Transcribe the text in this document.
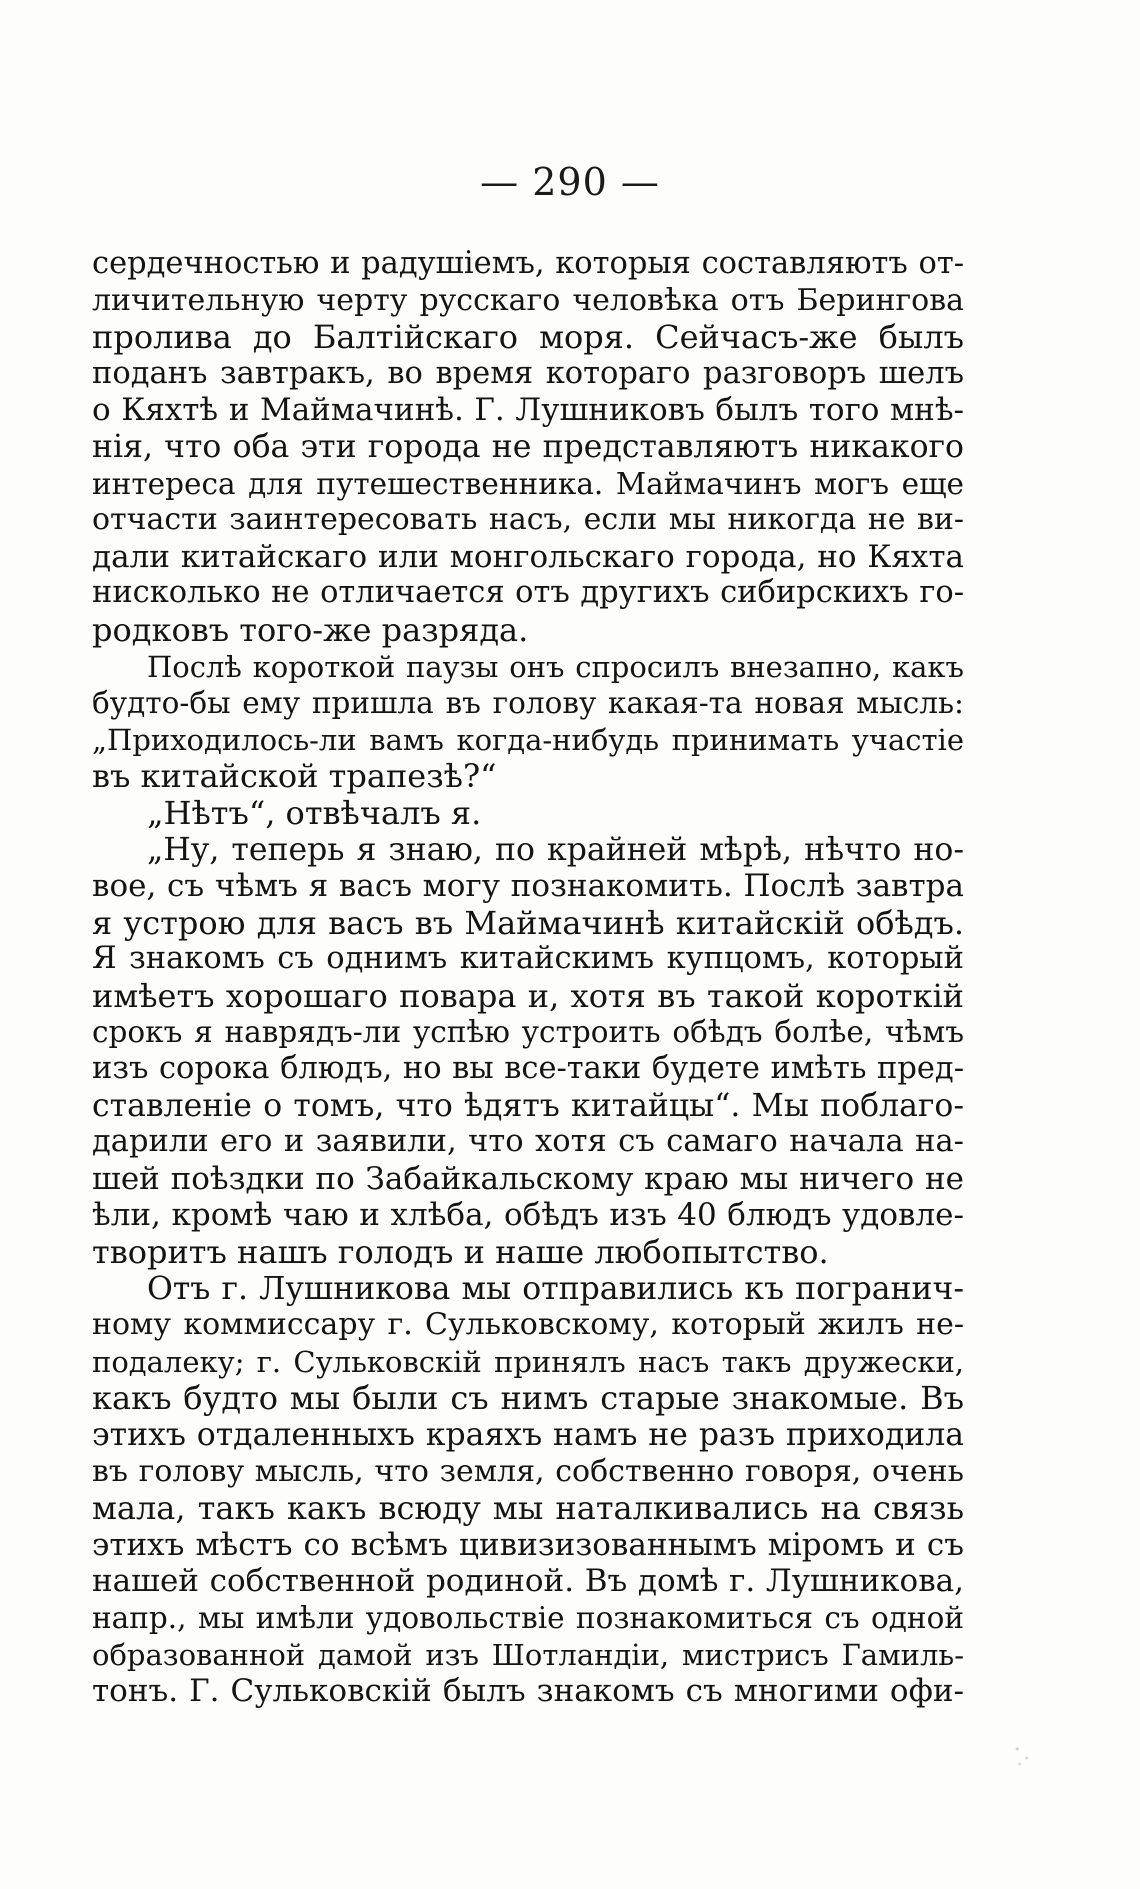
— 290 —
сердечностью и радушіемъ, которыя составляютъ от-
личительную черту русскаго человѣка отъ Берингова
пролива до Балтійскаго моря. Сейчасъ-же былъ
поданъ завтракъ, во время котораго разговоръ шелъ
о Кяхтѣ и Маймачинѣ. Г. Лушниковъ былъ того мнѣ-
нія, что оба эти города не представляютъ никакого
интереса для путешественника. Маймачинъ могъ еще
отчасти заинтересовать насъ, если мы никогда не ви-
дали китайскаго или монгольскаго города, но Кяхта
нисколько не отличается отъ другихъ сибирскихъ го-
родковъ того-же разряда.
Послѣ короткой паузы онъ спросилъ внезапно, какъ
будто-бы ему пришла въ голову какая-та новая мысль:
„Приходилось-ли вамъ когда-нибудь принимать участіе
въ китайской трапезѣ?“
„Нѣтъ“, отвѣчалъ я.
„Ну, теперь я знаю, по крайней мѣрѣ, нѣчто но-
вое, съ чѣмъ я васъ могу познакомить. Послѣ завтра
я устрою для васъ въ Маймачинѣ китайскій обѣдъ.
Я знакомъ съ однимъ китайскимъ купцомъ, который
имѣетъ хорошаго повара и, хотя въ такой короткій
срокъ я наврядъ-ли успѣю устроить обѣдъ болѣе, чѣмъ
изъ сорока блюдъ, но вы все-таки будете имѣть пред-
ставленіе о томъ, что ѣдятъ китайцы“. Мы поблаго-
дарили его и заявили, что хотя съ самаго начала на-
шей поѣздки по Забайкальскому краю мы ничего не
ѣли, кромѣ чаю и хлѣба, обѣдъ изъ 40 блюдъ удовле-
творитъ нашъ голодъ и наше любопытство.
Отъ г. Лушникова мы отправились къ погранич-
ному коммиссару г. Сульковскому, который жилъ не-
подалеку; г. Сульковскій принялъ насъ такъ дружески,
какъ будто мы были съ нимъ старые знакомые. Въ
этихъ отдаленныхъ краяхъ намъ не разъ приходила
въ голову мысль, что земля, собственно говоря, очень
мала, такъ какъ всюду мы наталкивались на связь
этихъ мѣстъ со всѣмъ цивизизованнымъ міромъ и съ
нашей собственной родиной. Въ домѣ г. Лушникова,
напр., мы имѣли удовольствіе познакомиться съ одной
образованной дамой изъ Шотландіи, мистрисъ Гамиль-
тонъ. Г. Сульковскій былъ знакомъ съ многими офи-
